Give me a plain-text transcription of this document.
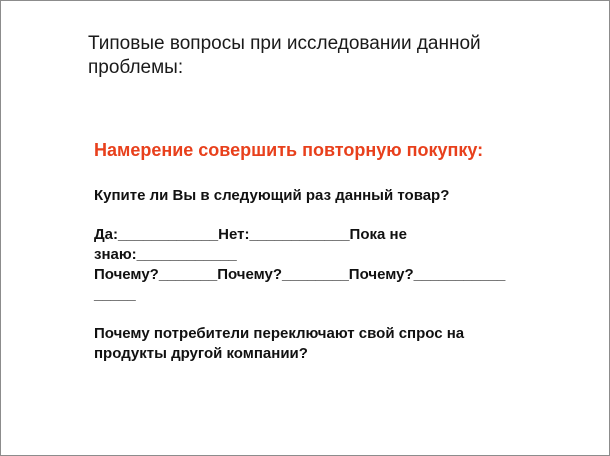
Типовые вопросы при исследовании данной проблемы:

Намерение совершить повторную покупку:

Купите ли Вы в следующий раз данный товар?

Да:____________Нет:____________Пока не

знаю:____________

Почему?_______Почему?________Почему?___________

_____

Почему потребители переключают свой спрос на

продукты другой компании?
